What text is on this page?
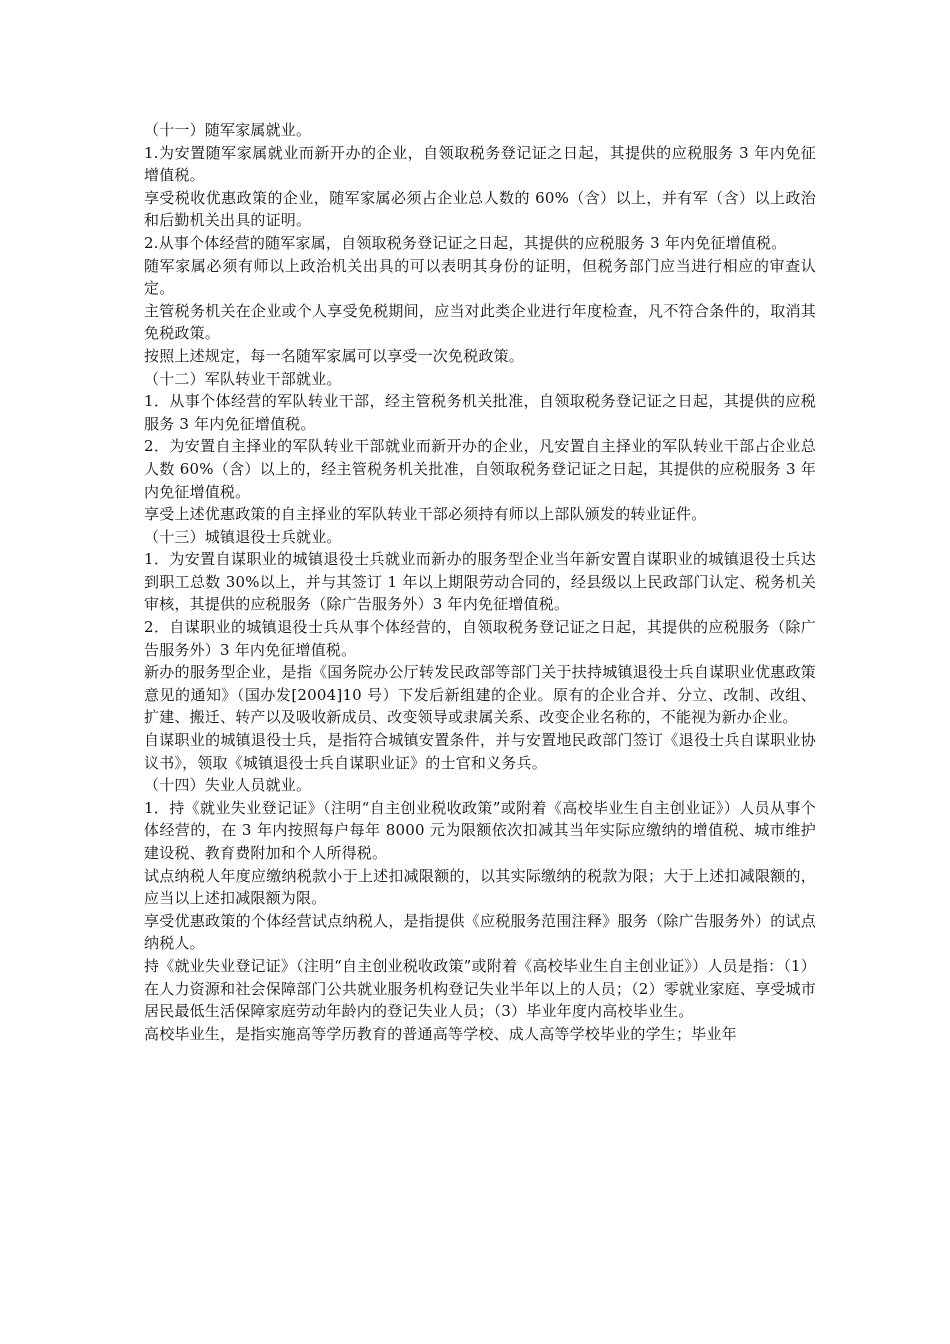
（十一）随军家属就业。

1.为安置随军家属就业而新开办的企业，自领取税务登记证之日起，其提供的应税服务 3 年内免征增值税。

享受税收优惠政策的企业，随军家属必须占企业总人数的 60%（含）以上，并有军（含）以上政治和后勤机关出具的证明。

2.从事个体经营的随军家属，自领取税务登记证之日起，其提供的应税服务 3 年内免征增值税。

随军家属必须有师以上政治机关出具的可以表明其身份的证明，但税务部门应当进行相应的审查认定。

主管税务机关在企业或个人享受免税期间，应当对此类企业进行年度检查，凡不符合条件的，取消其免税政策。

按照上述规定，每一名随军家属可以享受一次免税政策。

（十二）军队转业干部就业。

1．从事个体经营的军队转业干部，经主管税务机关批准，自领取税务登记证之日起，其提供的应税服务 3 年内免征增值税。

2．为安置自主择业的军队转业干部就业而新开办的企业，凡安置自主择业的军队转业干部占企业总人数 60%（含）以上的，经主管税务机关批准，自领取税务登记证之日起，其提供的应税服务 3 年内免征增值税。

享受上述优惠政策的自主择业的军队转业干部必须持有师以上部队颁发的转业证件。

（十三）城镇退役士兵就业。

1．为安置自谋职业的城镇退役士兵就业而新办的服务型企业当年新安置自谋职业的城镇退役士兵达到职工总数 30%以上，并与其签订 1 年以上期限劳动合同的，经县级以上民政部门认定、税务机关审核，其提供的应税服务（除广告服务外）3 年内免征增值税。

2．自谋职业的城镇退役士兵从事个体经营的，自领取税务登记证之日起，其提供的应税服务（除广告服务外）3 年内免征增值税。

新办的服务型企业，是指《国务院办公厅转发民政部等部门关于扶持城镇退役士兵自谋职业优惠政策意见的通知》（国办发[2004]10 号）下发后新组建的企业。原有的企业合并、分立、改制、改组、扩建、搬迁、转产以及吸收新成员、改变领导或隶属关系、改变企业名称的，不能视为新办企业。

自谋职业的城镇退役士兵，是指符合城镇安置条件，并与安置地民政部门签订《退役士兵自谋职业协议书》，领取《城镇退役士兵自谋职业证》的士官和义务兵。

（十四）失业人员就业。

1．持《就业失业登记证》（注明“自主创业税收政策”或附着《高校毕业生自主创业证》）人员从事个体经营的，在 3 年内按照每户每年 8000 元为限额依次扣减其当年实际应缴纳的增值税、城市维护建设税、教育费附加和个人所得税。

试点纳税人年度应缴纳税款小于上述扣减限额的，以其实际缴纳的税款为限；大于上述扣减限额的，应当以上述扣减限额为限。

享受优惠政策的个体经营试点纳税人，是指提供《应税服务范围注释》服务（除广告服务外）的试点纳税人。

持《就业失业登记证》（注明“自主创业税收政策”或附着《高校毕业生自主创业证》）人员是指：（1）在人力资源和社会保障部门公共就业服务机构登记失业半年以上的人员；（2）零就业家庭、享受城市居民最低生活保障家庭劳动年龄内的登记失业人员；（3）毕业年度内高校毕业生。

高校毕业生，是指实施高等学历教育的普通高等学校、成人高等学校毕业的学生；毕业年
